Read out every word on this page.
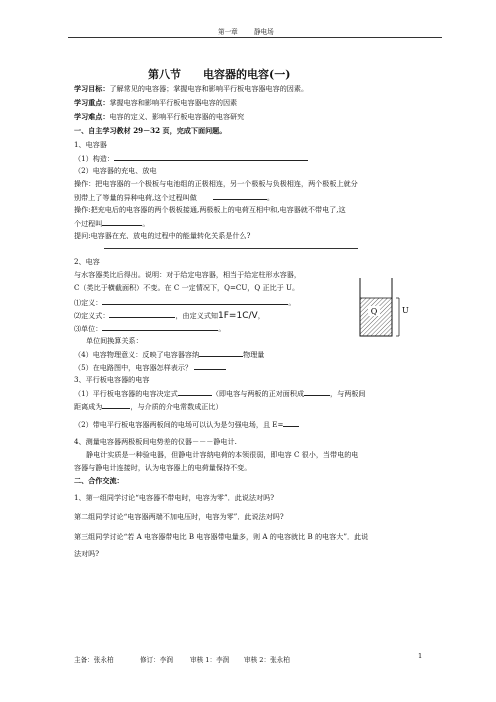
第一章 静电场
第八节　　电容器的电容(一)
学习目标：了解常见的电容器；掌握电容和影响平行板电容器电容的因素。
学习重点：掌握电容和影响平行板电容器电容的因素
学习难点：电容的定义、影响平行板电容器的电容研究
一、自主学习教材 29－32 页，完成下面问题。
1、电容器
（1）构造：
（2）电容器的充电、放电
操作：把电容器的一个极板与电池组的正极相连，另一个极板与负极相连，两个极板上就分
别带上了等量的异种电荷,这个过程叫做	。
操作:把充电后的电容器的两个极板接通,两极板上的电荷互相中和,电容器就不带电了,这
个过程叫	。
提问:电容器在充、放电的过程中的能量转化关系是什么?
2、电容
与水容器类比后得出。说明：对于给定电容器，相当于给定柱形水容器，
C（类比于横截面积）不变。在 C 一定情况下，Q=CU，Q 正比于 U。
⑴定义：	。
⑵定义式：	，由定义式知1F=1C/V，
⑶单位：	。
单位间换算关系：
（4）电容物理意义：反映了电容器容纳	物理量
（5）在电路图中，电容器怎样表示？
Q	U
3、平行板电容器的电容
（1）平行板电容器的电容决定式	（即电容与两板的正对面积成	，与两板间
距离成为	，与介质的介电常数成正比）
（2）带电平行板电容器两板间的电场可以认为是匀强电场，且 E=
4、测量电容器两极板间电势差的仪器－－－静电计.
静电计实质是一种验电器，但静电计容纳电荷的本领很弱，即电容 C 很小，当带电的电
容器与静电计连接时，认为电容器上的电荷量保持不变。
二、合作交流：
1、第一组同学讨论“电容器不带电时，电容为零”．此说法对吗?
第二组同学讨论“电容器两端不加电压时，电容为零”．此说法对吗?
第三组同学讨论“若 A 电容器带电比 B 电容器带电量多，则 A 的电容就比 B 的电容大”．此说
法对吗?
主备：张永柏	修订：李润	审核 1：李润 审核 2：张永柏	1
